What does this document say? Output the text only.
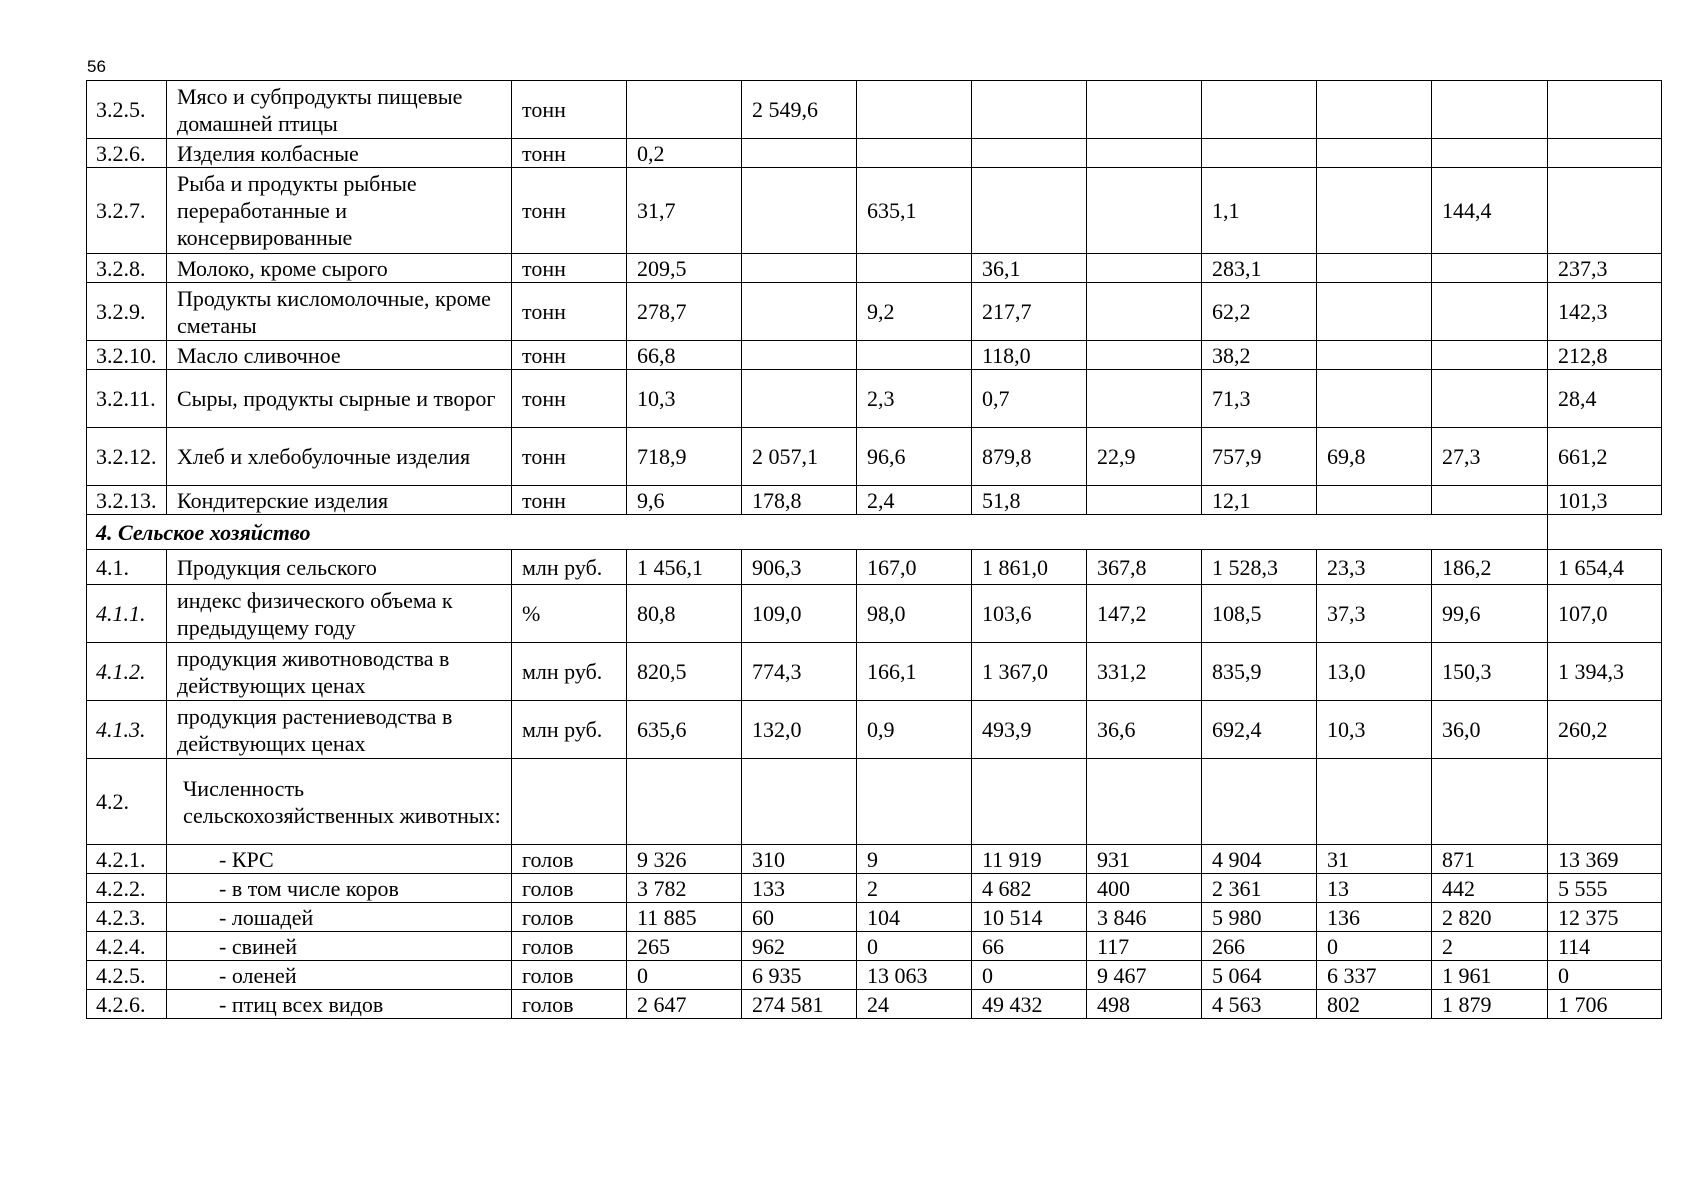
56
3.2.5.	Мясо и субпродукты пищевые домашней птицы	тонн		2 549,6							
3.2.6.	Изделия колбасные	тонн	0,2								
3.2.7.	Рыба и продукты рыбные переработанные и консервированные	тонн	31,7		635,1			1,1		144,4	
3.2.8.	Молоко, кроме сырого	тонн	209,5			36,1		283,1			237,3
3.2.9.	Продукты кисломолочные, кроме сметаны	тонн	278,7		9,2	217,7		62,2			142,3
3.2.10.	Масло сливочное	тонн	66,8			118,0		38,2			212,8
3.2.11.	Сыры, продукты сырные и творог	тонн	10,3		2,3	0,7		71,3			28,4
3.2.12.	Хлеб и хлебобулочные изделия	тонн	718,9	2 057,1	96,6	879,8	22,9	757,9	69,8	27,3	661,2
3.2.13.	Кондитерские изделия	тонн	9,6	178,8	2,4	51,8		12,1			101,3
4. Сельское хозяйство											
4.1.	Продукция сельского	млн руб.	1 456,1	906,3	167,0	1 861,0	367,8	1 528,3	23,3	186,2	1 654,4
4.1.1.	индекс физического объема к предыдущему году	%	80,8	109,0	98,0	103,6	147,2	108,5	37,3	99,6	107,0
4.1.2.	продукция животноводства в действующих ценах	млн руб.	820,5	774,3	166,1	1 367,0	331,2	835,9	13,0	150,3	1 394,3
4.1.3.	продукция растениеводства в действующих ценах	млн руб.	635,6	132,0	0,9	493,9	36,6	692,4	10,3	36,0	260,2
4.2.	Численность сельскохозяйственных животных:										
4.2.1.	- КРС	голов	9 326	310	9	11 919	931	4 904	31	871	13 369
4.2.2.	- в том числе коров	голов	3 782	133	2	4 682	400	2 361	13	442	5 555
4.2.3.	- лошадей	голов	11 885	60	104	10 514	3 846	5 980	136	2 820	12 375
4.2.4.	- свиней	голов	265	962	0	66	117	266	0	2	114
4.2.5.	- оленей	голов	0	6 935	13 063	0	9 467	5 064	6 337	1 961	0
4.2.6.	- птиц всех видов	голов	2 647	274 581	24	49 432	498	4 563	802	1 879	1 706
